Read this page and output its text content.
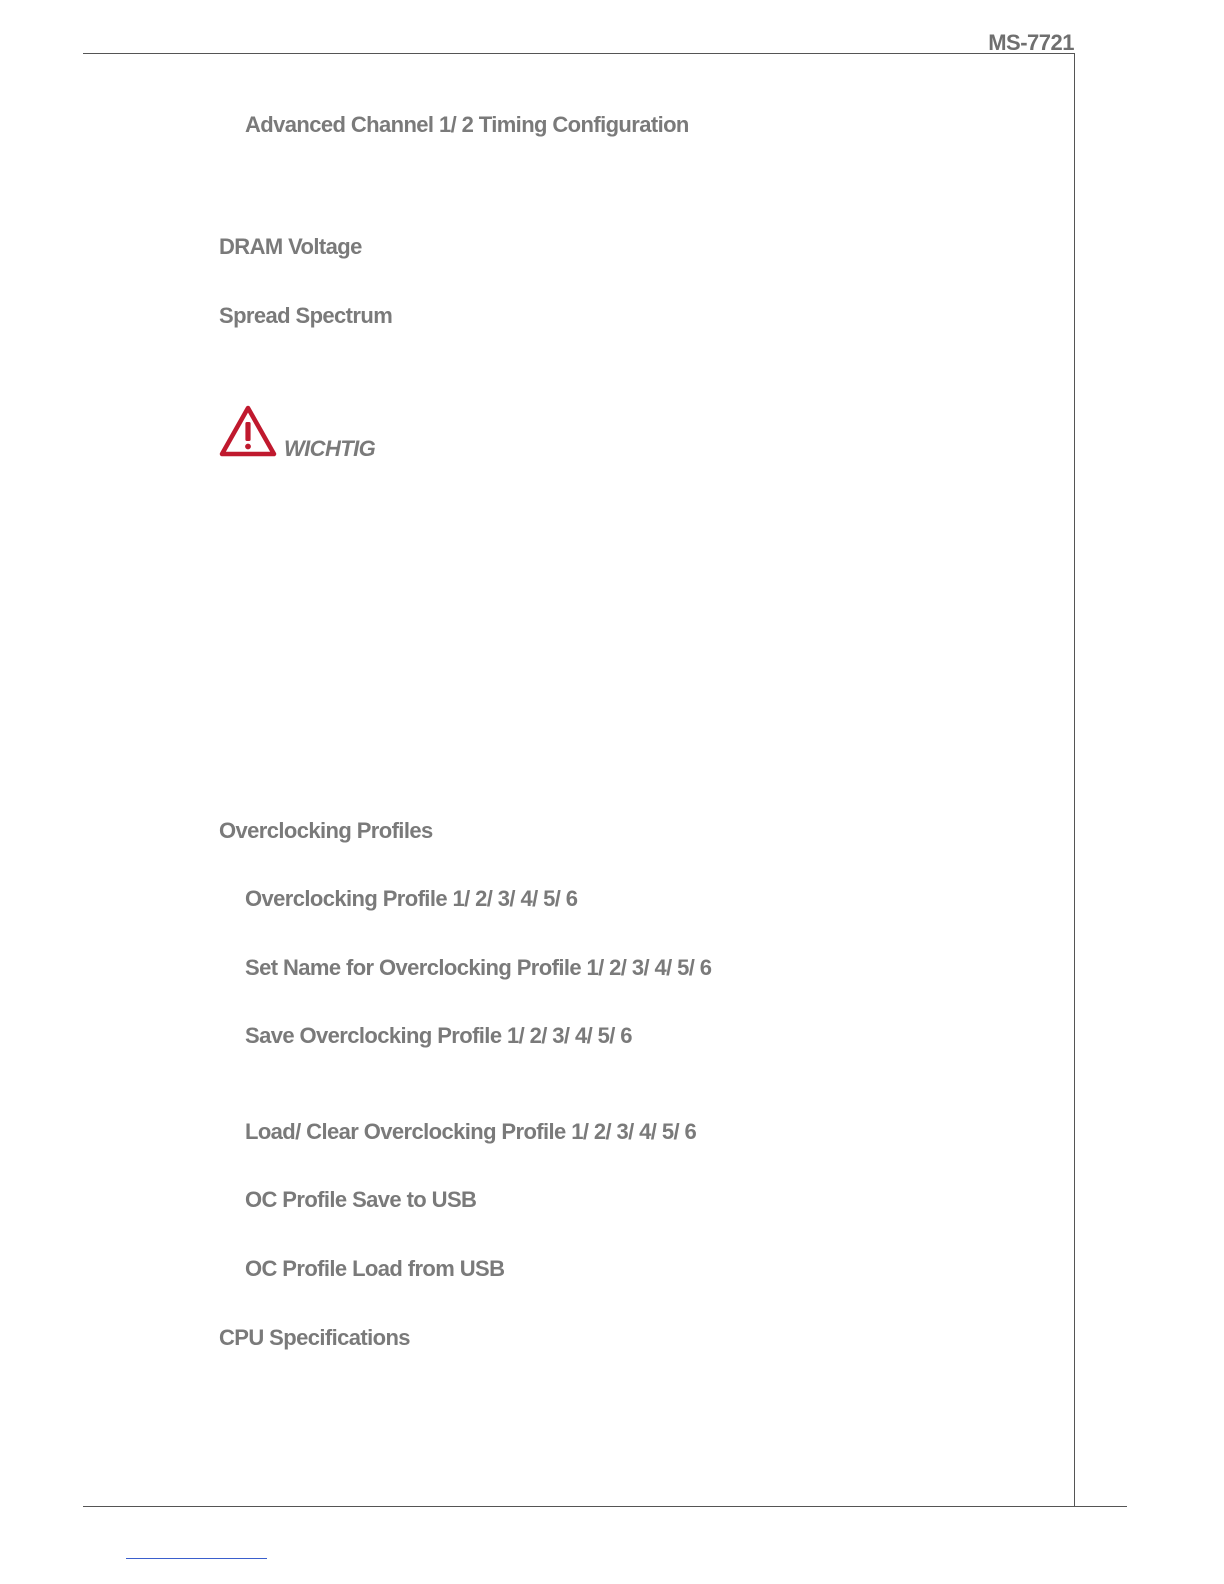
MS-7721
Advanced Channel 1/ 2 Timing Configuration
DRAM Voltage
Spread Spectrum
WICHTIG
Overclocking Profiles
Overclocking Profile 1/ 2/ 3/ 4/ 5/ 6
Set Name for Overclocking Profile 1/ 2/ 3/ 4/ 5/ 6
Save Overclocking Profile 1/ 2/ 3/ 4/ 5/ 6
Load/ Clear Overclocking Profile 1/ 2/ 3/ 4/ 5/ 6
OC Profile Save to USB
OC Profile Load from USB
CPU Specifications
